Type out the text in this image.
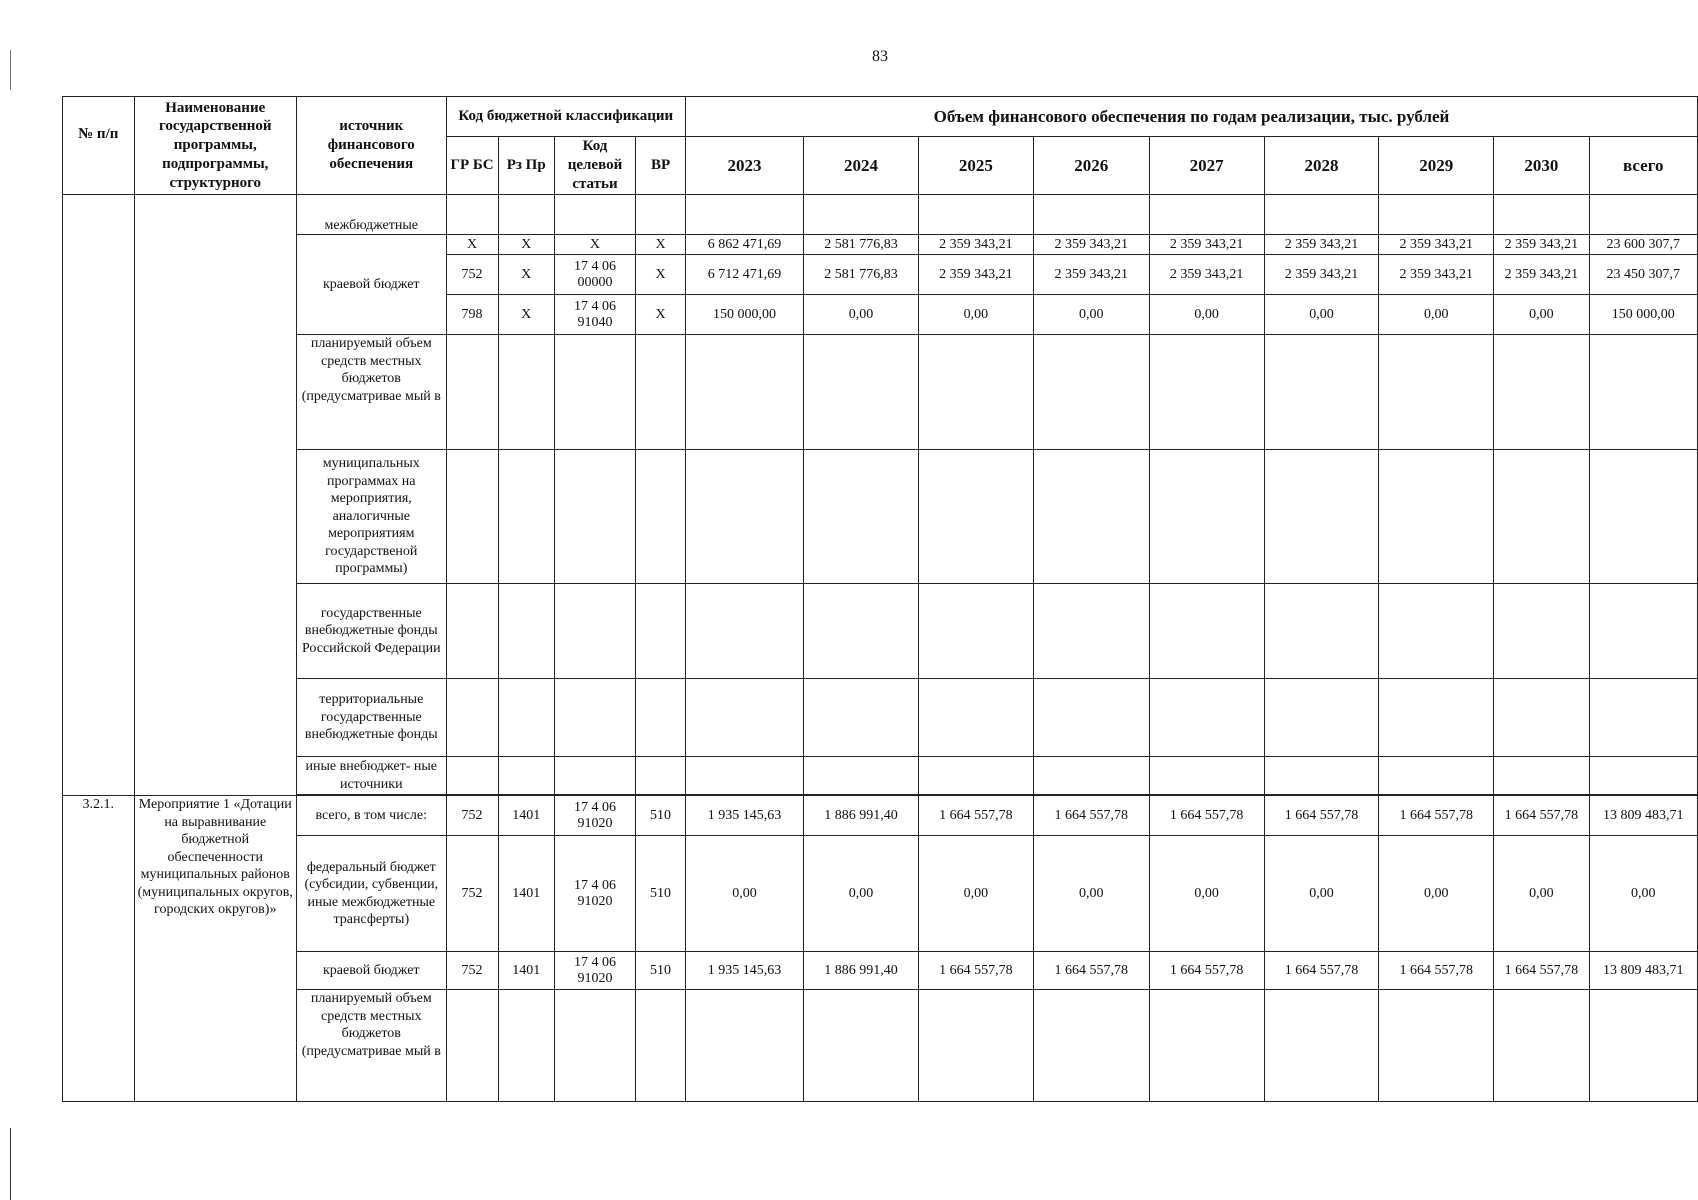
83
№ п/п	Наименование государственной программы, подпрограммы, структурного	источник финансового обеспечения	Код бюджетной классификации				Объем финансового обеспечения по годам реализации, тыс. рублей								
			ГР БС	Рз Пр	Код целевой статьи	ВР	2023	2024	2025	2026	2027	2028	2029	2030	всего
		межбюджетные													
		краевой бюджет	X	X	X	X	6 862 471,69	2 581 776,83	2 359 343,21	2 359 343,21	2 359 343,21	2 359 343,21	2 359 343,21	2 359 343,21	23 600 307,7
			752	X	17 4 06 00000	X	6 712 471,69	2 581 776,83	2 359 343,21	2 359 343,21	2 359 343,21	2 359 343,21	2 359 343,21	2 359 343,21	23 450 307,7
			798	X	17 4 06 91040	X	150 000,00	0,00	0,00	0,00	0,00	0,00	0,00	0,00	150 000,00
		планируемый объем средств местных бюджетов (предусматривае мый в													
		муниципальных программах на мероприятия, аналогичные мероприятиям государственой программы)													
		государственные внебюджетные фонды Российской Федерации													
		территориальные государственные внебюджетные фонды													
		иные внебюджет- ные источники													

3.2.1.	Мероприятие 1 «Дотации на выравнивание бюджетной обеспеченности муниципальных районов (муниципальных округов, городских округов)»	всего, в том числе:	752	1401	17 4 06 91020	510	1 935 145,63	1 886 991,40	1 664 557,78	1 664 557,78	1 664 557,78	1 664 557,78	1 664 557,78	1 664 557,78	13 809 483,71
		федеральный бюджет (субсидии, субвенции, иные межбюджетные трансферты)	752	1401	17 4 06 91020	510	0,00	0,00	0,00	0,00	0,00	0,00	0,00	0,00	0,00
		краевой бюджет	752	1401	17 4 06 91020	510	1 935 145,63	1 886 991,40	1 664 557,78	1 664 557,78	1 664 557,78	1 664 557,78	1 664 557,78	1 664 557,78	13 809 483,71
		планируемый объем средств местных бюджетов (предусматривае мый в													
